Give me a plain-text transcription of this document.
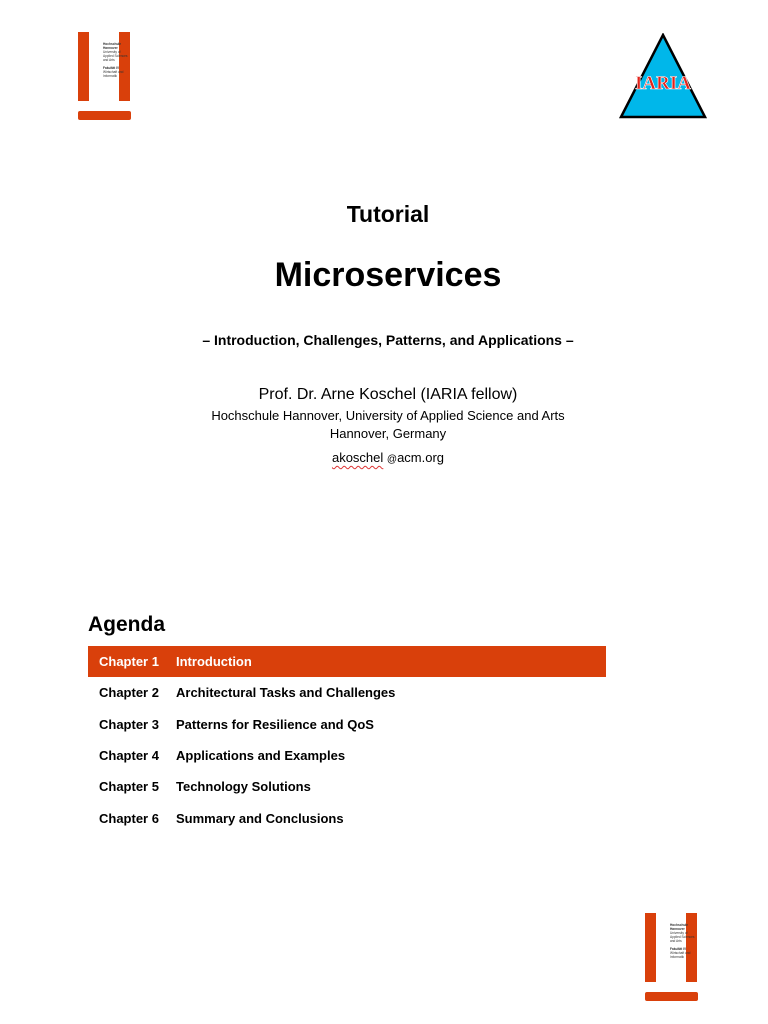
Hochschule
Hannover
University of
Applied Sciences
and Arts
Fakultät IV
Wirtschaft und
Informatik	IARIA
Tutorial
Microservices
– Introduction, Challenges, Patterns, and Applications –
Prof. Dr. Arne Koschel (IARIA fellow)
Hochschule Hannover, University of Applied Science and Arts
Hannover, Germany
akoschel @acm.org
Agenda
Chapter 1	Introduction
Chapter 2	Architectural Tasks and Challenges
Chapter 3	Patterns for Resilience and QoS
Chapter 4	Applications and Examples
Chapter 5	Technology Solutions
Chapter 6	Summary and Conclusions
Hochschule
Hannover
University of
Applied Sciences
and Arts
Fakultät IV
Wirtschaft und
Informatik
